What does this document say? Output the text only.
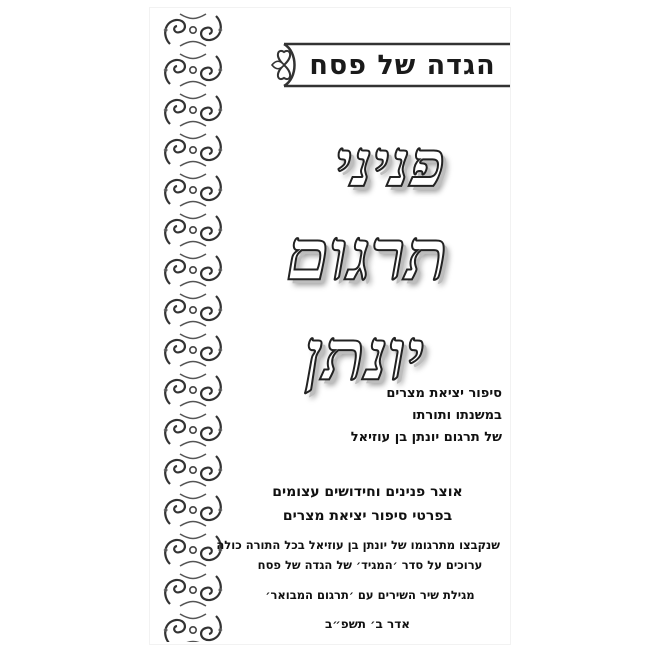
הגדה של פסח
פניני
תרגום
יונתן
סיפור יציאת מצרים
במשנתו ותורתו
של תרגום יונתן בן עוזיאל
אוצר פנינים וחידושים עצומים
בפרטי סיפור יציאת מצרים
שנקבצו מתרגומו של יונתן בן עוזיאל בכל התורה כולה
ערוכים על סדר ׳המגיד׳ של הגדה של פסח
מגילת שיר השירים עם ׳תרגום המבואר׳
אדר ב׳ תשפ״ב
